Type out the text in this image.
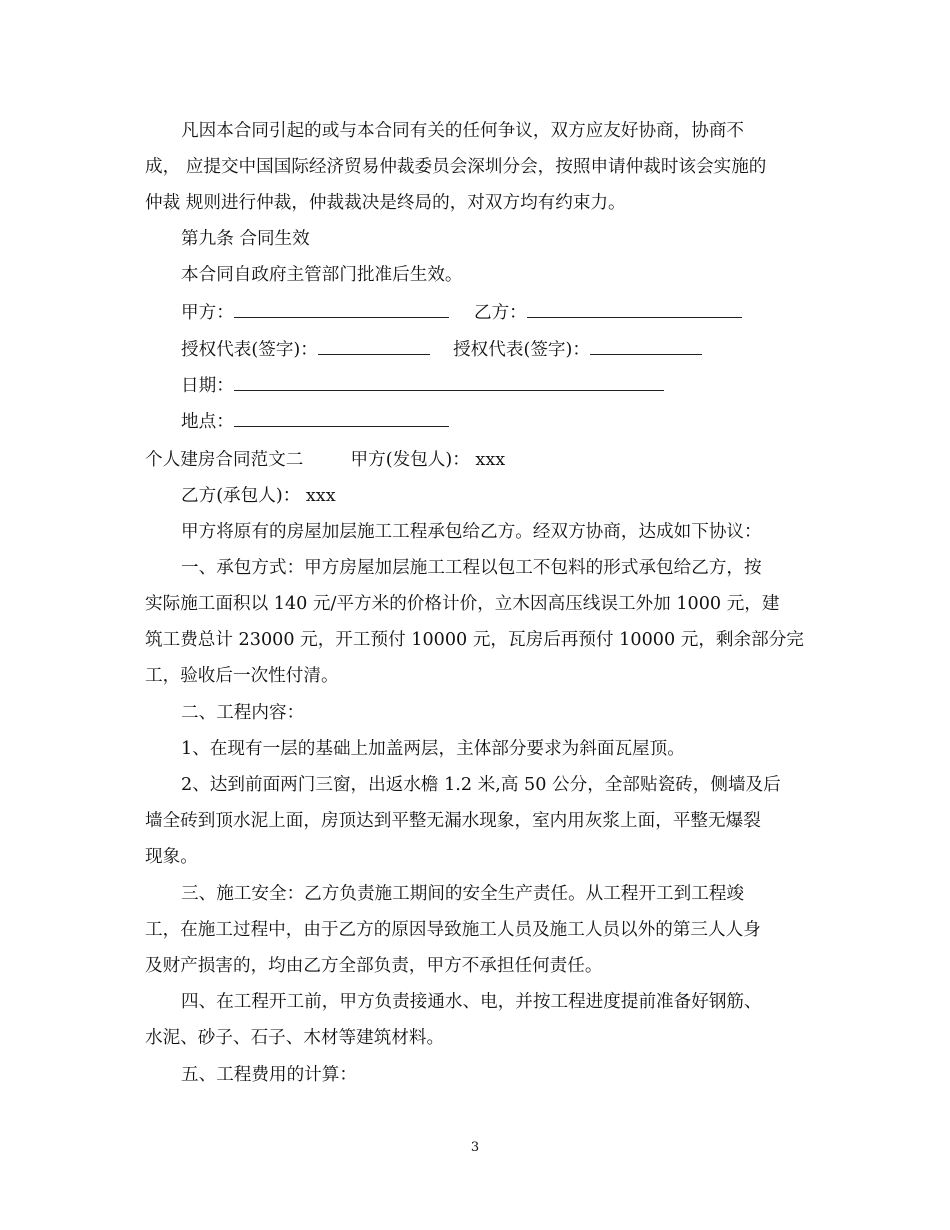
凡因本合同引起的或与本合同有关的任何争议，双方应友好协商，协商不
成， 应提交中国国际经济贸易仲裁委员会深圳分会，按照申请仲裁时该会实施的
仲裁 规则进行仲裁，仲裁裁决是终局的，对双方均有约束力。
第九条 合同生效
本合同自政府主管部门批准后生效。
甲方：	乙方：
授权代表(签字)：	授权代表(签字)：
日期：
地点：
个人建房合同范文二	甲方(发包人)： xxx
乙方(承包人)： xxx
甲方将原有的房屋加层施工工程承包给乙方。经双方协商，达成如下协议：
一、承包方式：甲方房屋加层施工工程以包工不包料的形式承包给乙方，按
实际施工面积以 140 元/平方米的价格计价，立木因高压线误工外加 1000 元，建
筑工费总计 23000 元，开工预付 10000 元，瓦房后再预付 10000 元，剩余部分完
工，验收后一次性付清。
二、工程内容：
1、在现有一层的基础上加盖两层，主体部分要求为斜面瓦屋顶。
2、达到前面两门三窗，出返水檐 1.2 米,高 50 公分，全部贴瓷砖，侧墙及后
墙全砖到顶水泥上面，房顶达到平整无漏水现象，室内用灰浆上面，平整无爆裂
现象。
三、施工安全：乙方负责施工期间的安全生产责任。从工程开工到工程竣
工，在施工过程中，由于乙方的原因导致施工人员及施工人员以外的第三人人身
及财产损害的，均由乙方全部负责，甲方不承担任何责任。
四、在工程开工前，甲方负责接通水、电，并按工程进度提前准备好钢筋、
水泥、砂子、石子、木材等建筑材料。
五、工程费用的计算：
3
